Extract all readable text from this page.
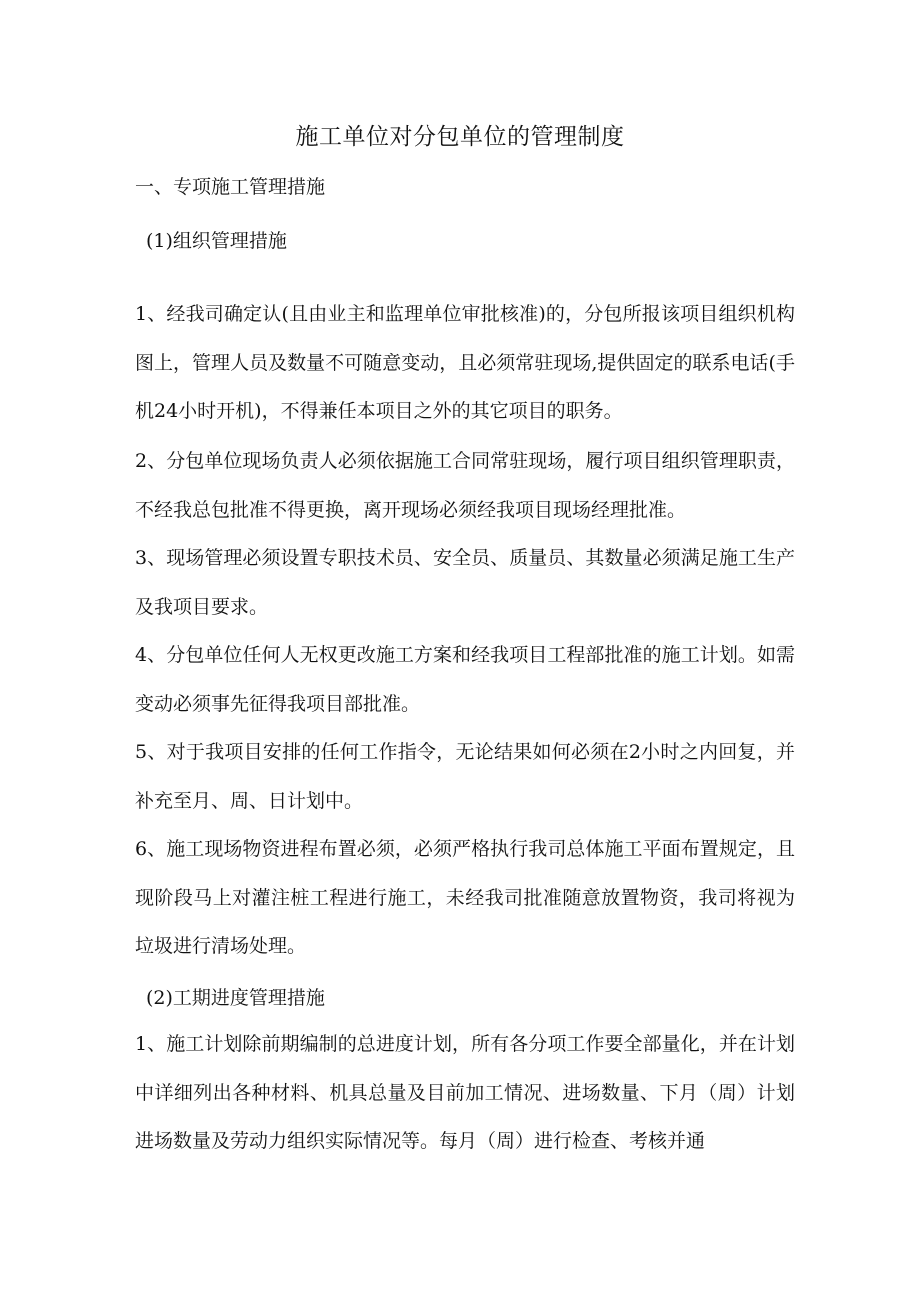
施工单位对分包单位的管理制度
一、专项施工管理措施
(1)组织管理措施

1、经我司确定认(且由业主和监理单位审批核准)的，分包所报该项目组织机构图上，管理人员及数量不可随意变动，且必须常驻现场,提供固定的联系电话(手机24小时开机)，不得兼任本项目之外的其它项目的职务。

2、分包单位现场负责人必须依据施工合同常驻现场，履行项目组织管理职责，不经我总包批准不得更换，离开现场必须经我项目现场经理批准。

3、现场管理必须设置专职技术员、安全员、质量员、其数量必须满足施工生产及我项目要求。

4、分包单位任何人无权更改施工方案和经我项目工程部批准的施工计划。如需变动必须事先征得我项目部批准。

5、对于我项目安排的任何工作指令，无论结果如何必须在2小时之内回复，并补充至月、周、日计划中。

6、施工现场物资进程布置必须，必须严格执行我司总体施工平面布置规定，且现阶段马上对灌注桩工程进行施工，未经我司批准随意放置物资，我司将视为垃圾进行清场处理。

(2)工期进度管理措施

1、施工计划除前期编制的总进度计划，所有各分项工作要全部量化，并在计划中详细列出各种材料、机具总量及目前加工情况、进场数量、下月（周）计划进场数量及劳动力组织实际情况等。每月（周）进行检查、考核并通
